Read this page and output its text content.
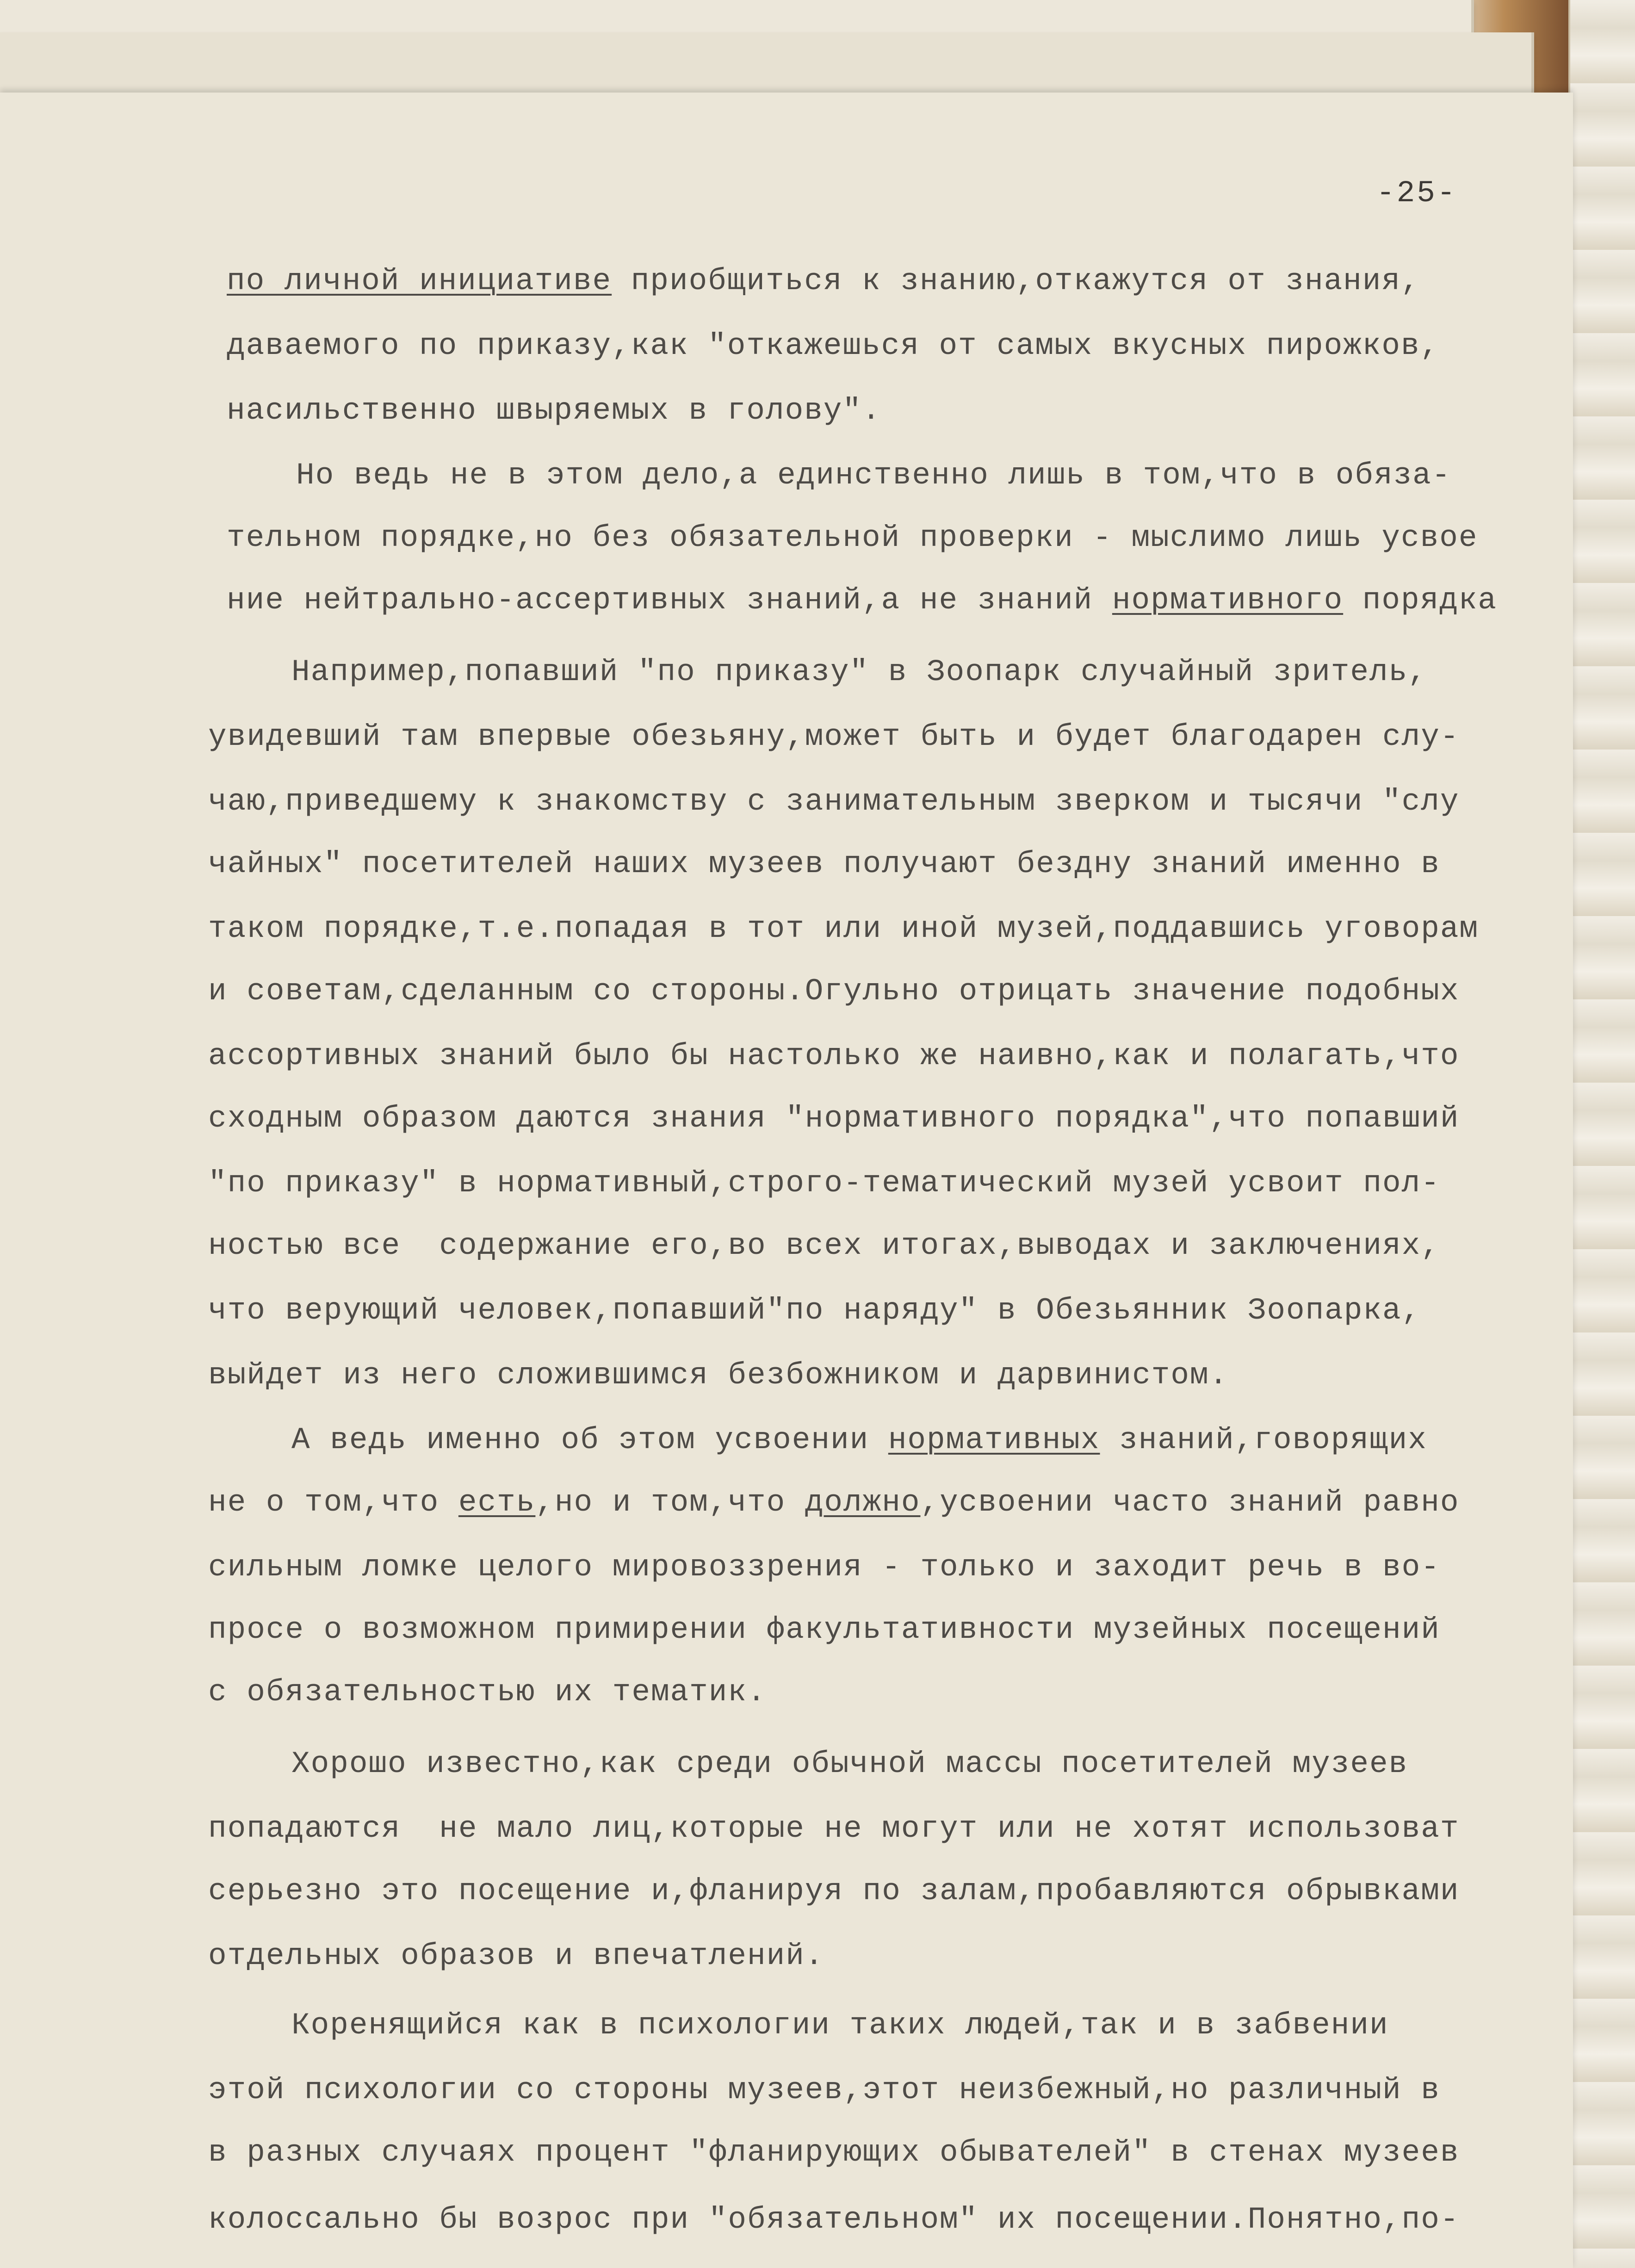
-25-
по личной инициативе приобщиться к знанию,откажутся от знания,
даваемого по приказу,как "откажешься от самых вкусных пирожков,
насильственно швыряемых в голову".
Но ведь не в этом дело,а единственно лишь в том,что в обяза-
тельном порядке,но без обязательной проверки - мыслимо лишь усвое
ние нейтрально-ассертивных знаний,а не знаний нормативного порядка
Например,попавший "по приказу" в Зоопарк случайный зритель,
увидевший там впервые обезьяну,может быть и будет благодарен слу-
чаю,приведшему к знакомству с занимательным зверком и тысячи "слу
чайных" посетителей наших музеев получают бездну знаний именно в
таком порядке,т.е.попадая в тот или иной музей,поддавшись уговорам
и советам,сделанным со стороны.Огульно отрицать значение подобных
ассортивных знаний было бы настолько же наивно,как и полагать,что
сходным образом даются знания "нормативного порядка",что попавший
"по приказу" в нормативный,строго-тематический музей усвоит пол-
ностью все  содержание его,во всех итогах,выводах и заключениях,
что верующий человек,попавший"по наряду" в Обезьянник Зоопарка,
выйдет из него сложившимся безбожником и дарвинистом.
А ведь именно об этом усвоении нормативных знаний,говорящих
не о том,что есть,но и том,что должно,усвоении часто знаний равно
сильным ломке целого мировоззрения - только и заходит речь в во-
просе о возможном примирении факультативности музейных посещений
с обязательностью их тематик.
Хорошо известно,как среди обычной массы посетителей музеев
попадаются  не мало лиц,которые не могут или не хотят использоват
серьезно это посещение и,фланируя по залам,пробавляются обрывками
отдельных образов и впечатлений.
Коренящийся как в психологии таких людей,так и в забвении
этой психологии со стороны музеев,этот неизбежный,но различный в
в разных случаях процент "фланирующих обывателей" в стенах музеев
колоссально бы возрос при "обязательном" их посещении.Понятно,по-
